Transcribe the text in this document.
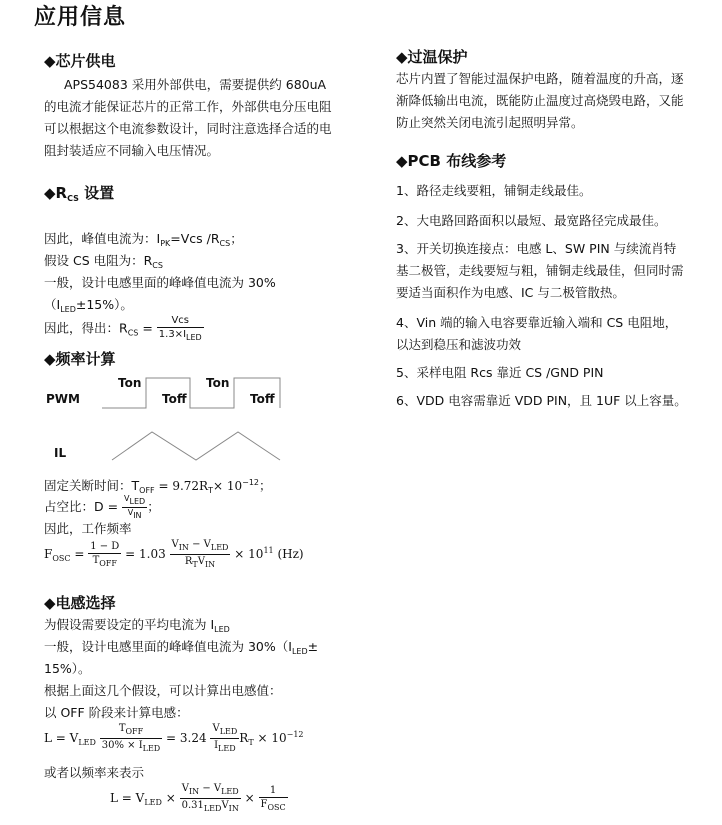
应用信息
◆芯片供电
APS54083 采用外部供电，需要提供约 680uA
的电流才能保证芯片的正常工作，外部供电分压电阻
可以根据这个电流参数设计，同时注意选择合适的电
阻封装适应不同输入电压情况。
$◆R_{CS}$ 设置
因此，峰值电流为：$I_{PK}=Vcs$ $/R_{CS}$；
假设 CS 电阻为：$R_{CS}$
一般，设计电感里面的峰峰值电流为 30%
$(I_{LED}\pm 15\%)$。
因此，得出：$R_{CS} = \frac{\text{Vcs}}{1.3\times I_{LED}}$
◆频率计算
PWM
Ton
Toff
Ton
Toff
IL
固定关断时间：$T_{OFF} = 9.72R_T\times 10^{-12}$；
占空比：$D = \frac{V_{LED}}{V_{IN}}$ ；
因此，工作频率
$F_{OSC} = \frac{1 - D}{T_{OFF}} = 1.03 \frac{V_{IN} - V_{LED}}{R_TV_{IN}} \times 10^{11}$ (Hz)
◆电感选择
为假设需要设定的平均电流为 $I_{LED}$
一般，设计电感里面的峰峰值电流为 $30\%(I_{LED}\pm$
15%）。
根据上面这几个假设，可以计算出电感值：
以 OFF 阶段来计算电感：
$L = V_{LED} \frac{T_{OFF}}{30\% \times I_{LED}} = 3.24 \frac{V_{LED}}{I_{LED}} R_T \times 10^{-12}$
或者以频率来表示
$L = V_{LED} \times \frac{V_{IN} - V_{LED}}{0.31_{LED}V_{IN}} \times \frac{1}{F_{OSC}}$
◆过温保护
芯片内置了智能过温保护电路，随着温度的升高，逐
渐降低输出电流，既能防止温度过高烧毁电路，又能
防止突然关闭电流引起照明异常。
◆PCB 布线参考
1、路径走线要粗，铺铜走线最佳。
2、大电路回路面积以最短、最宽路径完成最佳。
3、开关切换连接点：电感 L、SW PIN 与续流肖特
基二极管，走线要短与粗，铺铜走线最佳，但同时需
要适当面积作为电感、IC 与二极管散热。
4、Vin 端的输入电容要靠近输入端和 CS 电阻地，
以达到稳压和滤波功效
5、采样电阻 Rcs 靠近 CS /GND PIN
6、VDD 电容需靠近 VDD PIN，且 1UF 以上容量。
